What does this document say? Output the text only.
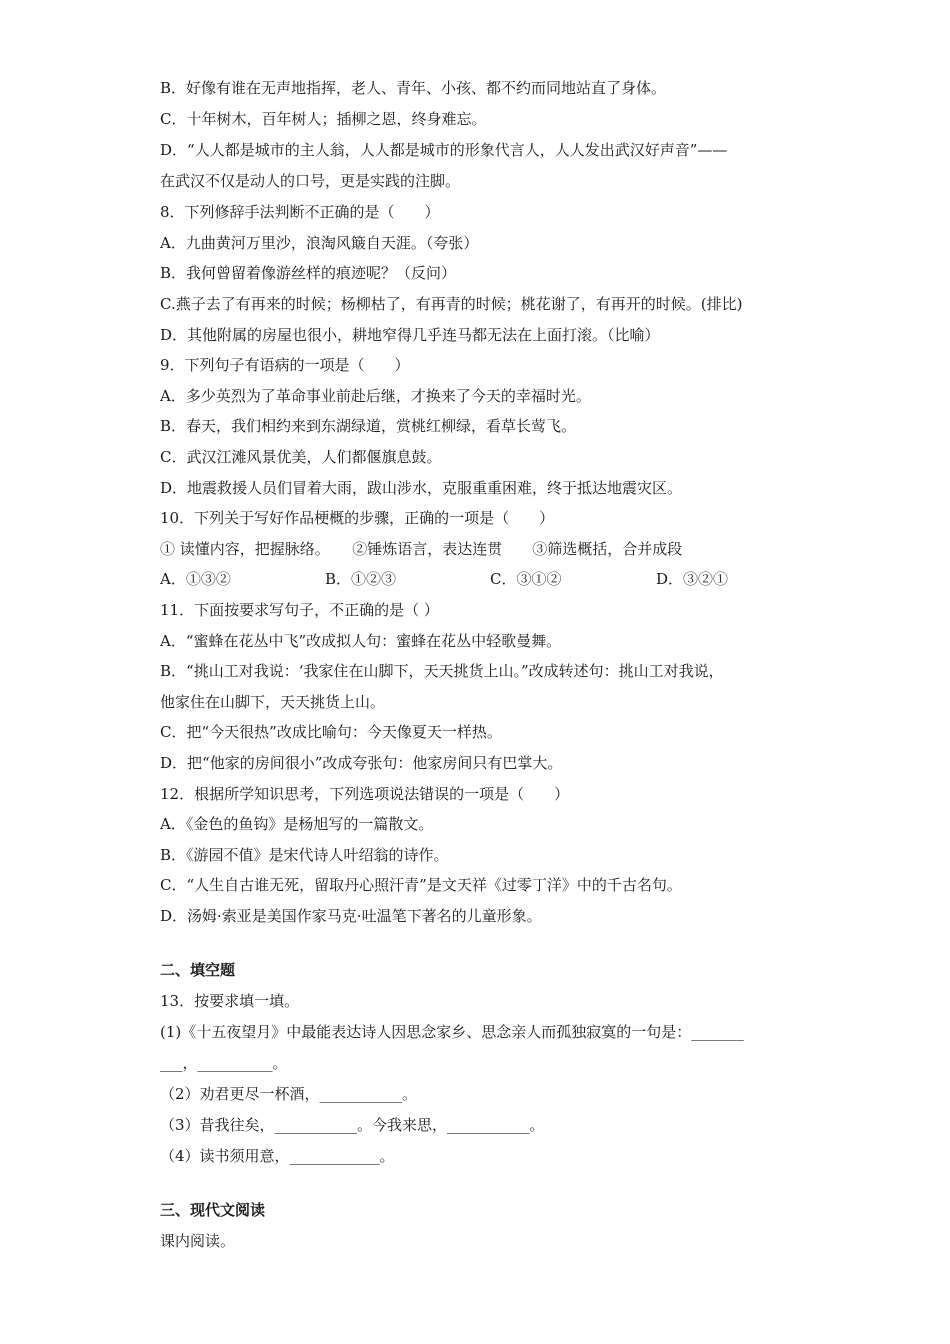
B．好像有谁在无声地指挥，老人、青年、小孩、都不约而同地站直了身体。

C．十年树木，百年树人；插柳之恩，终身难忘。

D．“人人都是城市的主人翁，人人都是城市的形象代言人，人人发出武汉好声音”——

在武汉不仅是动人的口号，更是实践的注脚。

8．下列修辞手法判断不正确的是（　　）

A．九曲黄河万里沙，浪淘风簸自天涯。（夸张）

B．我何曾留着像游丝样的痕迹呢？（反问）

C.燕子去了有再来的时候；杨柳枯了，有再青的时候；桃花谢了，有再开的时候。(排比)

D．其他附属的房屋也很小，耕地窄得几乎连马都无法在上面打滚。（比喻）

9．下列句子有语病的一项是（　　）

A．多少英烈为了革命事业前赴后继，才换来了今天的幸福时光。

B．春天，我们相约来到东湖绿道，赏桃红柳绿，看草长莺飞。

C．武汉江滩风景优美，人们都偃旗息鼓。

D．地震救援人员们冒着大雨，跋山涉水，克服重重困难，终于抵达地震灾区。

10．下列关于写好作品梗概的步骤，正确的一项是（　　）

① 读懂内容，把握脉络。　　②锤炼语言，表达连贯　　③筛选概括，合并成段

A．①③②	B．①②③	C．③①②	D．③②①

11．下面按要求写句子，不正确的是（ ）

A．“蜜蜂在花丛中飞”改成拟人句：蜜蜂在花丛中轻歌曼舞。

B．“挑山工对我说：‘我家住在山脚下，天天挑货上山。”改成转述句：挑山工对我说，

他家住在山脚下，天天挑货上山。

C．把“今天很热”改成比喻句：今天像夏天一样热。

D．把“他家的房间很小”改成夸张句：他家房间只有巴掌大。

12．根据所学知识思考，下列选项说法错误的一项是（　　）

A．《金色的鱼钩》是杨旭写的一篇散文。

B．《游园不值》是宋代诗人叶绍翁的诗作。

C．“人生自古谁无死，留取丹心照汗青”是文天祥《过零丁洋》中的千古名句。

D．汤姆·索亚是美国作家马克·吐温笔下著名的儿童形象。

二、填空题

13．按要求填一填。

(1)《十五夜望月》中最能表达诗人因思念家乡、思念亲人而孤独寂寞的一句是：_______

___，__________。

（2）劝君更尽一杯酒，___________。

（3）昔我往矣，___________。今我来思，___________。

（4）读书须用意，____________。

三、现代文阅读

课内阅读。
